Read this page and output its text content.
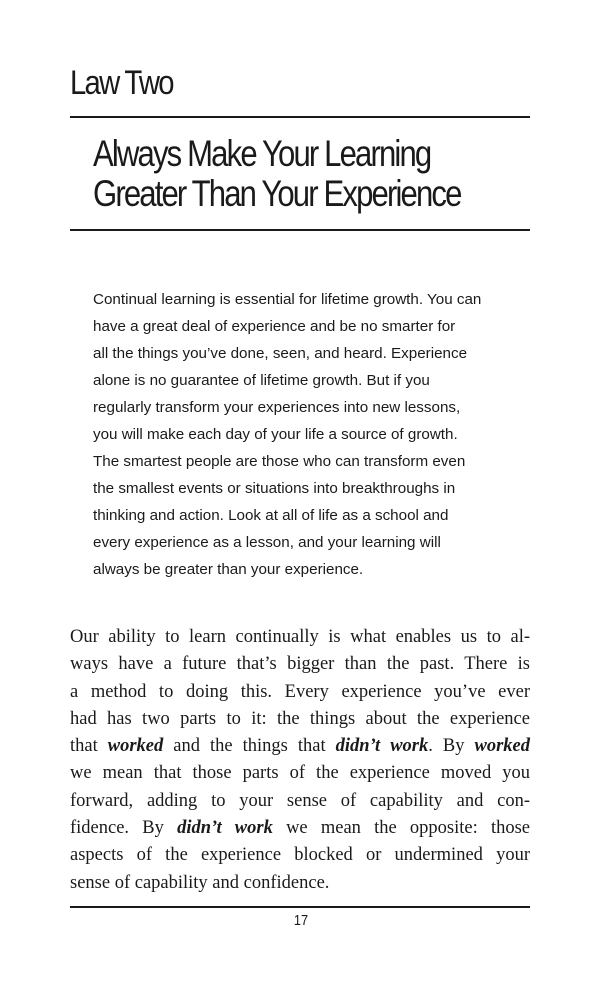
Law Two
Always Make Your Learning
Greater Than Your Experience

Continual learning is essential for lifetime growth. You can
have a great deal of experience and be no smarter for
all the things you’ve done, seen, and heard. Experience
alone is no guarantee of lifetime growth. But if you
regularly transform your experiences into new lessons,
you will make each day of your life a source of growth.
The smartest people are those who can transform even
the smallest events or situations into breakthroughs in
thinking and action. Look at all of life as a school and
every experience as a lesson, and your learning will
always be greater than your experience.

Our ability to learn continually is what enables us to al-
ways have a future that’s bigger than the past. There is
a method to doing this. Every experience you’ve ever
had has two parts to it: the things about the experience
that worked and the things that didn’t work. By worked
we mean that those parts of the experience moved you
forward, adding to your sense of capability and con-
fidence. By didn’t work we mean the opposite: those
aspects of the experience blocked or undermined your
sense of capability and confidence.

17
